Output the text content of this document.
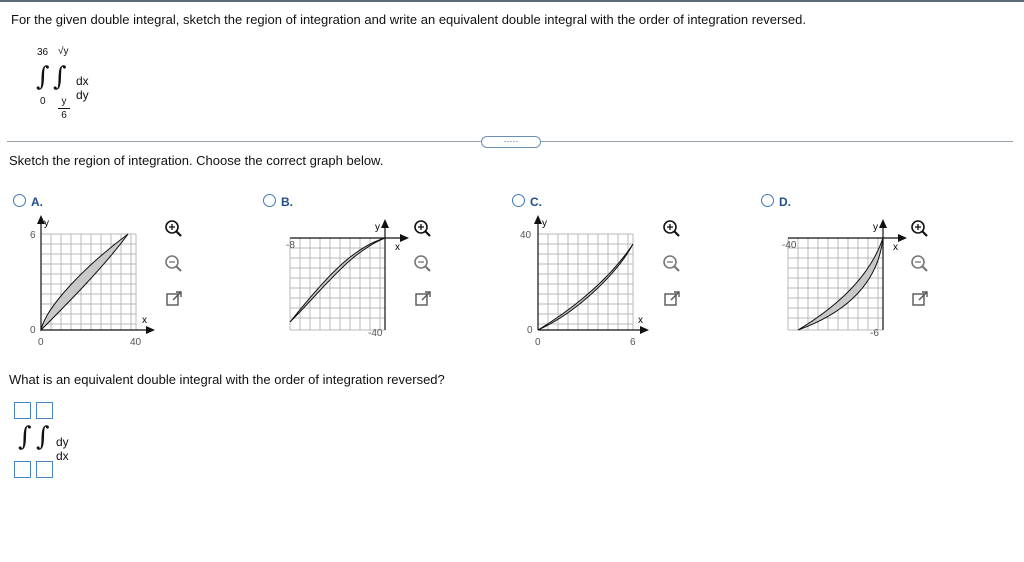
For the given double integral, sketch the region of integration and write an equivalent double integral with the order of integration reversed.
36 √y
∫ ∫ dx dy
0	y
6
·····
Sketch the region of integration. Choose the correct graph below.
A.
y
x
6
0
0	40
B.
y
x
-8
-40
C.
y
x
40
0
0	6
D.
y
x
-40
-6
What is an equivalent double integral with the order of integration reversed?
∫ ∫ dy dx
